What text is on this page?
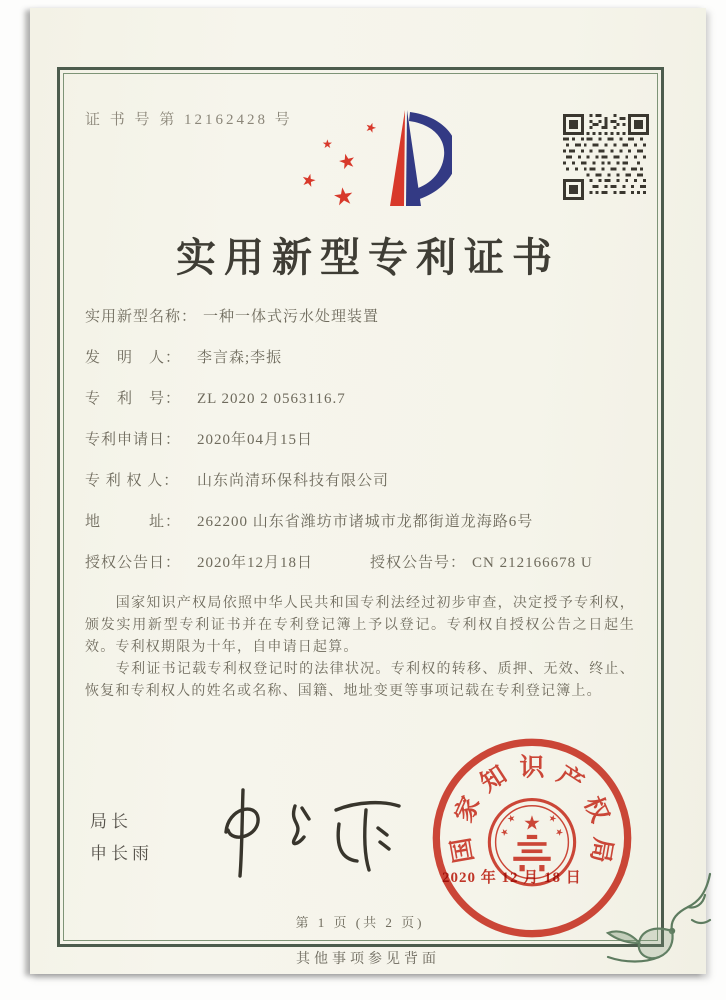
证 书 号 第 12162428 号	★
★
★
★
★
实用新型专利证书
实用新型名称： 一种一体式污水处理装置
发　明　人： 李言森;李振
专　利　号： ZL 2020 2 0563116.7
专利申请日： 2020年04月15日
专 利 权 人： 山东尚清环保科技有限公司
地　　　址： 262200 山东省潍坊市诸城市龙都街道龙海路6号
授权公告日： 2020年12月18日	授权公告号： CN 212166678 U

国家知识产权局依照中华人民共和国专利法经过初步审查，决定授予专利权，颁发实用新型专利证书并在专利登记簿上予以登记。专利权自授权公告之日起生效。专利权期限为十年，自申请日起算。

专利证书记载专利权登记时的法律状况。专利权的转移、质押、无效、终止、恢复和专利权人的姓名或名称、国籍、地址变更等事项记载在专利登记簿上。

局长
申长雨	国
家
知 识 产
权
局
★
★	★
★	★
2020 年 12 月 18 日
第 1 页 (共 2 页)
其他事项参见背面
